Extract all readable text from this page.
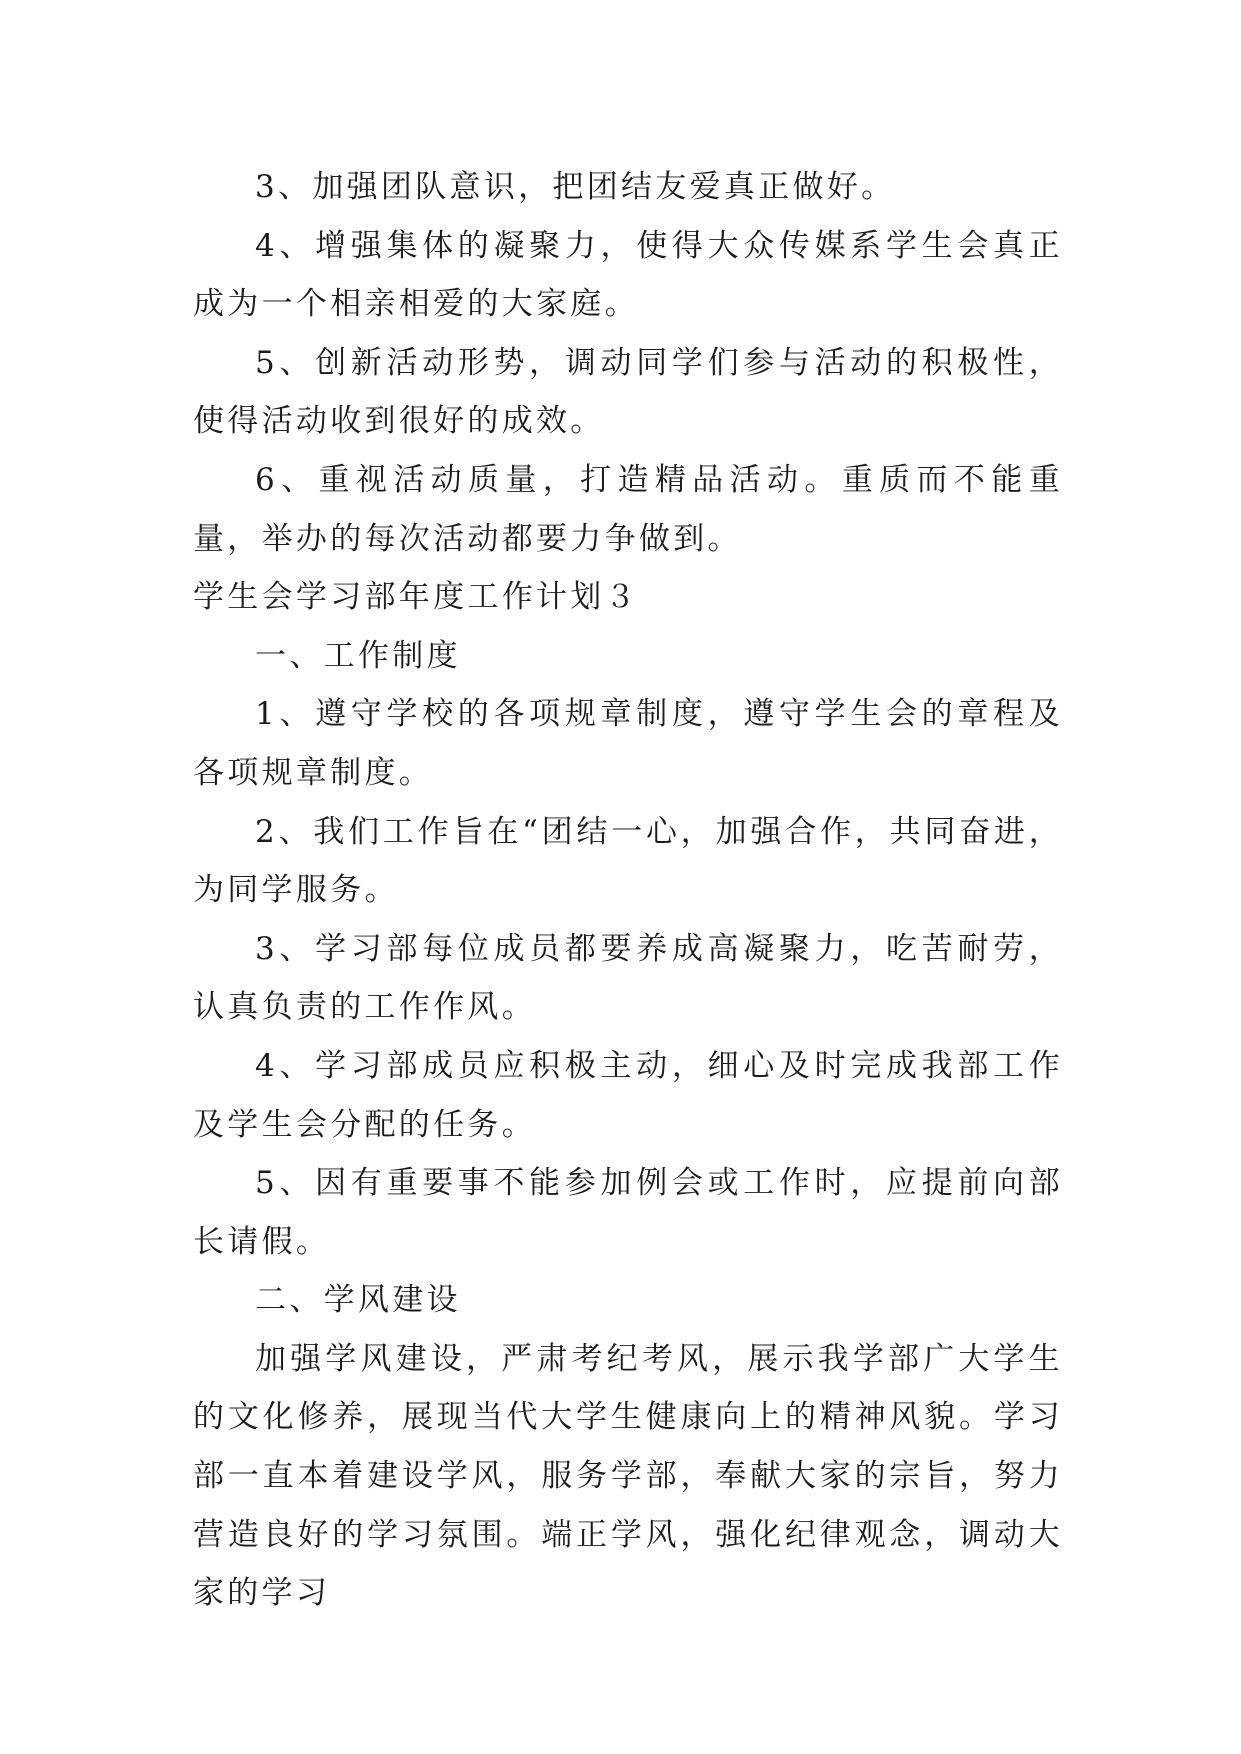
3、加强团队意识，把团结友爱真正做好。

4、增强集体的凝聚力，使得大众传媒系学生会真正成为一个相亲相爱的大家庭。

5、创新活动形势，调动同学们参与活动的积极性，使得活动收到很好的成效。

6、重视活动质量，打造精品活动。重质而不能重量，举办的每次活动都要力争做到。

学生会学习部年度工作计划３

一、工作制度

1、遵守学校的各项规章制度，遵守学生会的章程及各项规章制度。

2、我们工作旨在“团结一心，加强合作，共同奋进，为同学服务。

3、学习部每位成员都要养成高凝聚力，吃苦耐劳，认真负责的工作作风。

4、学习部成员应积极主动，细心及时完成我部工作及学生会分配的任务。

5、因有重要事不能参加例会或工作时，应提前向部长请假。

二、学风建设

加强学风建设，严肃考纪考风，展示我学部广大学生的文化修养，展现当代大学生健康向上的精神风貌。学习部一直本着建设学风，服务学部，奉献大家的宗旨，努力营造良好的学习氛围。端正学风，强化纪律观念，调动大家的学习
